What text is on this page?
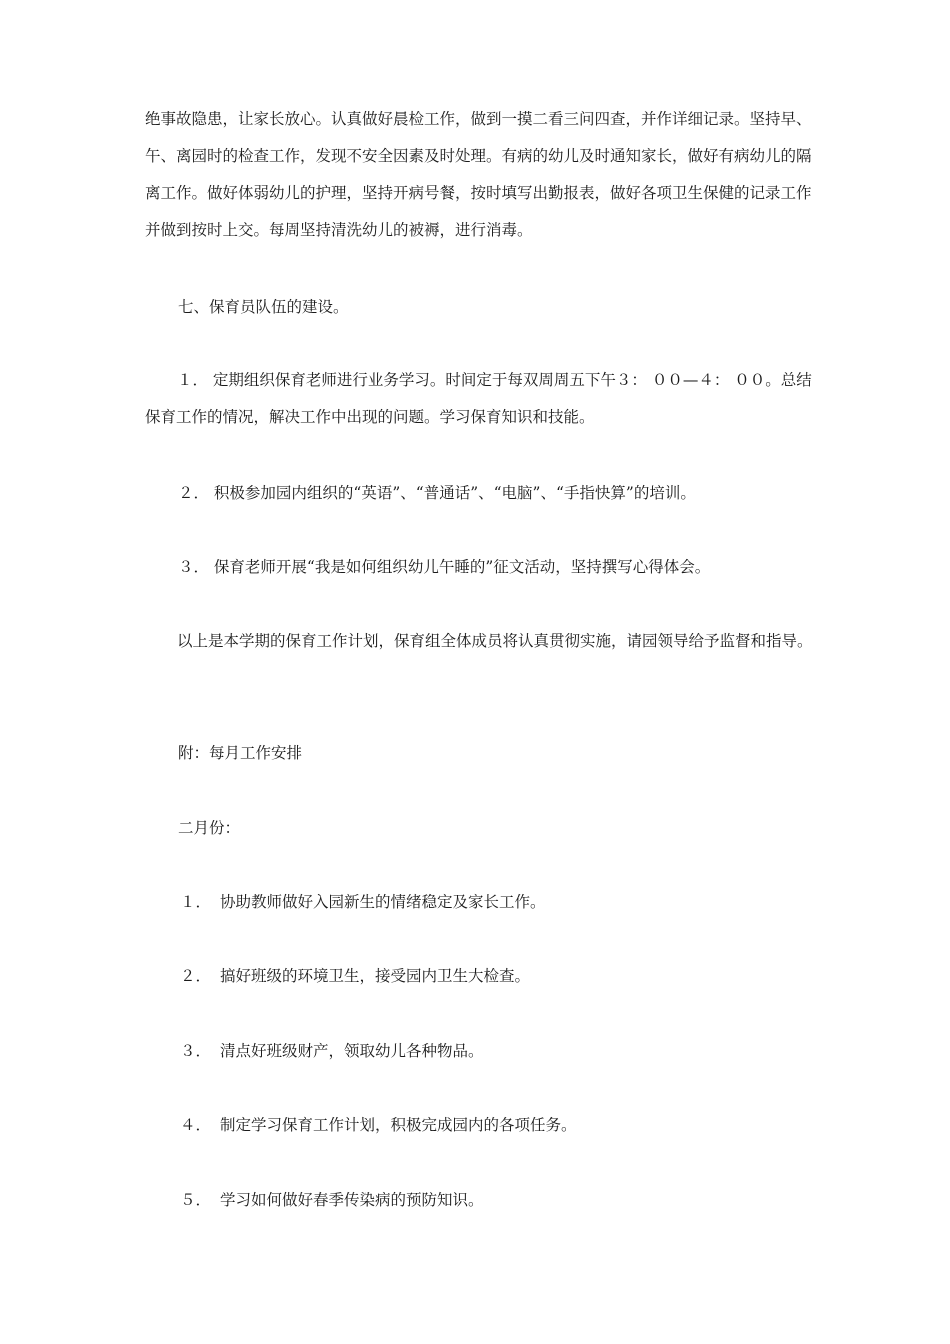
绝事故隐患，让家长放心。认真做好晨检工作，做到一摸二看三问四查，并作详细记录。坚持早、午、离园时的检查工作，发现不安全因素及时处理。有病的幼儿及时通知家长，做好有病幼儿的隔离工作。做好体弱幼儿的护理，坚持开病号餐，按时填写出勤报表，做好各项卫生保健的记录工作并做到按时上交。每周坚持清洗幼儿的被褥，进行消毒。

七、保育员队伍的建设。

１． 定期组织保育老师进行业务学习。时间定于每双周周五下午３： ００—４： ００。总结保育工作的情况，解决工作中出现的问题。学习保育知识和技能。

２． 积极参加园内组织的“英语”、“普通话”、“电脑”、“手指快算”的培训。

３． 保育老师开展“我是如何组织幼儿午睡的”征文活动，坚持撰写心得体会。

以上是本学期的保育工作计划，保育组全体成员将认真贯彻实施，请园领导给予监督和指导。

附：每月工作安排

二月份：

１． 协助教师做好入园新生的情绪稳定及家长工作。

２． 搞好班级的环境卫生，接受园内卫生大检查。

３． 清点好班级财产，领取幼儿各种物品。

４． 制定学习保育工作计划，积极完成园内的各项任务。

５． 学习如何做好春季传染病的预防知识。
